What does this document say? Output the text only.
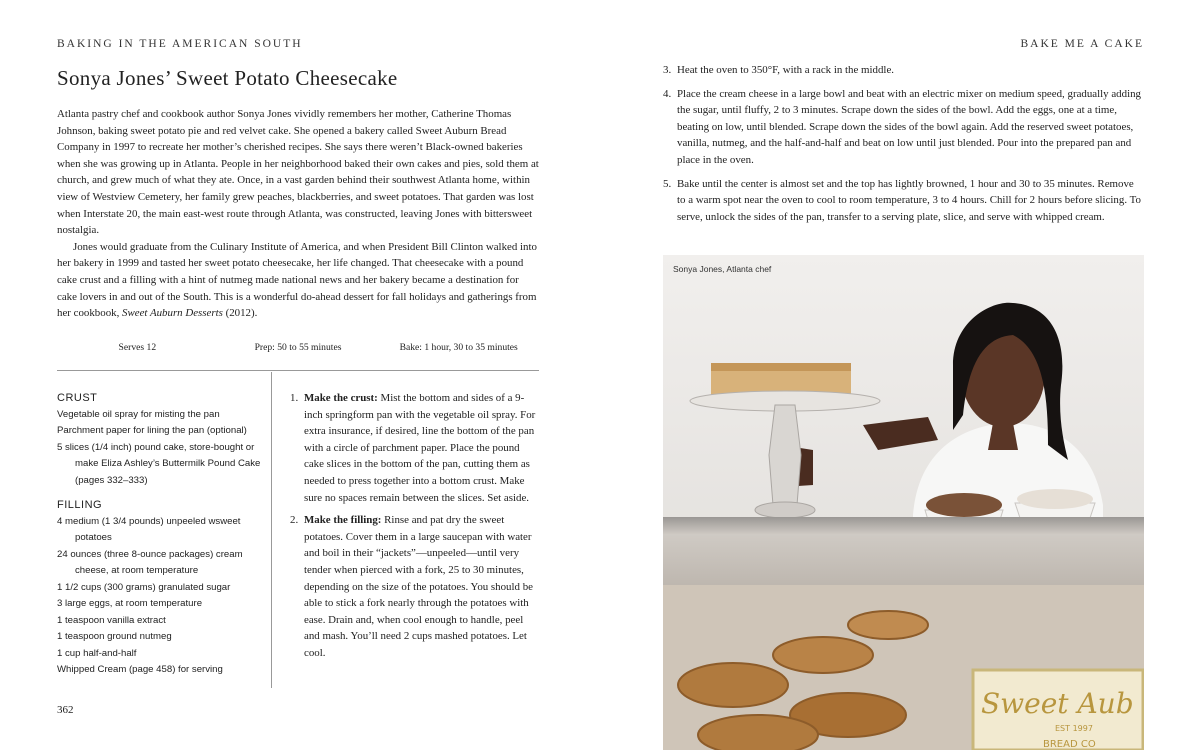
BAKING IN THE AMERICAN SOUTH
Sonya Jones’ Sweet Potato Cheesecake

Atlanta pastry chef and cookbook author Sonya Jones vividly remembers her mother, Catherine Thomas Johnson, baking sweet potato pie and red velvet cake. She opened a bakery called Sweet Auburn Bread Company in 1997 to recreate her mother’s cherished recipes. She says there weren’t Black-owned bakeries when she was growing up in Atlanta. People in her neighborhood baked their own cakes and pies, sold them at church, and grew much of what they ate. Once, in a vast garden behind their southwest Atlanta home, within view of Westview Cemetery, her family grew peaches, blackberries, and sweet potatoes. That garden was lost when Interstate 20, the main east-west route through Atlanta, was constructed, leaving Jones with bittersweet nostalgia.

Jones would graduate from the Culinary Institute of America, and when President Bill Clinton walked into her bakery in 1999 and tasted her sweet potato cheesecake, her life changed. That cheesecake with a pound cake crust and a filling with a hint of nutmeg made national news and her bakery became a destination for cake lovers in and out of the South. This is a wonderful do-ahead dessert for fall holidays and gatherings from her cookbook, Sweet Auburn Desserts (2012).

Serves 12	Prep: 50 to 55 minutes	Bake: 1 hour, 30 to 35 minutes
CRUST
Vegetable oil spray for misting the pan
Parchment paper for lining the pan (optional)
5 slices (1/4 inch) pound cake, store-bought or make Eliza Ashley’s Buttermilk Pound Cake (pages 332–333)
FILLING
4 medium (1 3/4 pounds) unpeeled wsweet potatoes
24 ounces (three 8-ounce packages) cream cheese, at room temperature
1 1/2 cups (300 grams) granulated sugar
3 large eggs, at room temperature
1 teaspoon vanilla extract
1 teaspoon ground nutmeg
1 cup half-and-half
Whipped Cream (page 458) for serving
1. Make the crust: Mist the bottom and sides of a 9-inch springform pan with the vegetable oil spray. For extra insurance, if desired, line the bottom of the pan with a circle of parchment paper. Place the pound cake slices in the bottom of the pan, cutting them as needed to press together into a bottom crust. Make sure no spaces remain between the slices. Set aside.
2. Make the filling: Rinse and pat dry the sweet potatoes. Cover them in a large saucepan with water and boil in their “jackets”—unpeeled—until very tender when pierced with a fork, 25 to 30 minutes, depending on the size of the potatoes. You should be able to stick a fork nearly through the potatoes with ease. Drain and, when cool enough to handle, peel and mash. You’ll need 2 cups mashed potatoes. Let cool.
362
BAKE ME A CAKE
3. Heat the oven to 350°F, with a rack in the middle.
4. Place the cream cheese in a large bowl and beat with an electric mixer on medium speed, gradually adding the sugar, until fluffy, 2 to 3 minutes. Scrape down the sides of the bowl. Add the eggs, one at a time, beating on low, until blended. Scrape down the sides of the bowl again. Add the reserved sweet potatoes, vanilla, nutmeg, and the half-and-half and beat on low until just blended. Pour into the prepared pan and place in the oven.
5. Bake until the center is almost set and the top has lightly browned, 1 hour and 30 to 35 minutes. Remove to a warm spot near the oven to cool to room temperature, 3 to 4 hours. Chill for 2 hours before slicing. To serve, unlock the sides of the pan, transfer to a serving plate, slice, and serve with whipped cream.
Sweet Aub
EST 1997
BREAD CO
Sonya Jones, Atlanta chef
